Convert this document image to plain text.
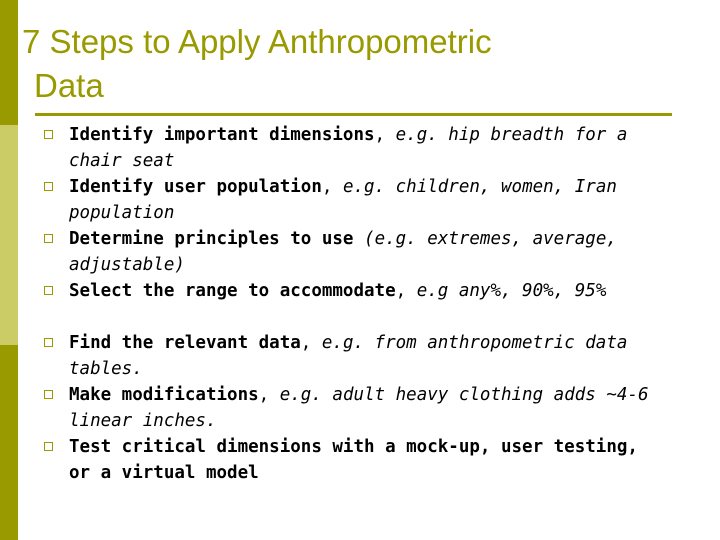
7 Steps to Apply Anthropometric
Data
Identify important dimensions, e.g. hip breadth for a chair seat
Identify user population, e.g. children, women, Iran population
Determine principles to use (e.g. extremes, average, adjustable)
Select the range to accommodate, e.g any%, 90%, 95%
Find the relevant data, e.g. from anthropometric data tables.
Make modifications, e.g. adult heavy clothing adds ~4-6 linear inches.
Test critical dimensions with a mock-up, user testing, or a virtual model
